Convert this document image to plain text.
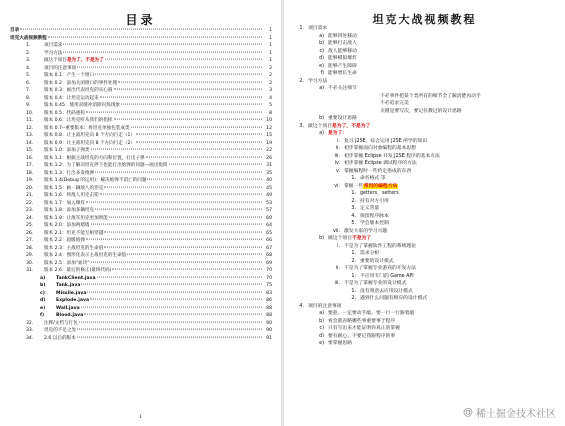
目录
目录	1
坦克大战视频教程	1
1.	项目需求	1
2.	学习方法	1
3.	做这个项目是为了，不是为了	1
4.	项目的注意事项	2
5.	版本 0.1：产生一个窗口	2
6.	版本 0.2：添加关闭窗口的事件处理	2
7.	版本 0.3：画出代表坦克的实心圆	3
8.	版本 0.4：让坦克运动起来	4
9.	版本 0.45：使用双缓冲消除闪烁现象	5
10.	版本 0.5：代码重构	8
11.	版本 0.6：让坦克听从我们的指挥	10
12.	版本 0.7--重要版本：将坦克单独包装成类	12
13.	版本 0.8：让主战坦克向 8 个方向行走（1）	15
14.	版本 0.9：让主战坦克向 8 个方向行走（2）	19
15.	版本 1.0：添加子弹类	22
16.	版本 1.1：根据主战坦克的方向和位置，打出子弹	26
17.	版本 1.2：为了解决坦克停下也能打出炮弹的问题—画出炮筒	31
18.	版本 1.3：打出多发炮弹	35
19.	版本 1.4(Debug 的运用)：解决炮弹不消亡的问题	40
20.	版本 1.5：画一辆敌人的坦克	45
21.	版本 1.6：将敌人坦克击毙	49
22.	版本 1.7：加入爆炸	53
23.	版本 1.8：添加多辆坦克	57
24.	版本 1.9：让敌军坦克更加智能	60
25.	版本 2.0：添加两堵墙	64
26.	版本 2.1：坦克不能互相穿越	65
27.	版本 2.2：超级炮弹	66
28.	版本 2.3：主战坦克的生命值	67
29.	版本 2.4：图形化表示主战坦克的生命值	68
30.	版本 2.5：添加“血块”	69
31.	版本 2.6：最后的修正(最终代码)	70
a)	TankClient.java	70
b)	Tank.java	75
c)	Missile.java	83
d)	Explode.java	86
e)	Wall.java	88
f)	Blood.java	88
32.	注释/文档与打包	90
33.	坦克的不足之处	90
34.	2.6 以后的版本	91
1
坦克大战视频教程
1. 项目需求
a) 能够四处移动
b) 能够打击敌人
c) 敌人能够移动
d) 能够模拟爆炸
e) 能够产生障碍
f) 能够增长生命
2. 学习方法
a) 不必关注细节
不必事件把某个类所有的细节全了解清楚再动手
不必追求完美
关键是要写次，要记住教过的设计思路
b) 重要设计思路
3. 做这个项目是为了，不是为了
a) 是为了：
i. 复习 J2SE，综合运用 J2SE 所学的知识
ii. 初步掌握面向对象编程的基本思想
iii. 初步掌握 Eclipse 开发 J2SE 程序的基本方法
iv. 初步掌握 Eclipse 调试程序的方法
v. 掌握编程时一些约定俗成的东西
1. 命名格式 等
vi. 掌握一些常用的编程方法
1. getters，setters
2. 持有对方引用
3. 定义常量
4. 保留程序脉本
5. 学会版本控制
vii. 激发大家的学习兴趣
b) 做这个项目不是为了
i. 不是为了掌握软件工程的系统理论
1. 需求分析
2. 重要的设计模式
ii. 不是为了掌握专业游戏的开发方法
1. 不应用专门的 Game API
iii. 不是为了掌握专业的设计模式
1. 没有刻意去应用设计模式
2. 遇到什么问题有相应的设计模式
4. 项目的注意事项
a) 要趁、一定要动手敲，要一行一行跟着敲
b) 看会就省略哪些事重要事于程序
c) 只有写出来才能证明你真正的掌握
d) 要有耐心，不要记我跟程序的事
e) 要掌握思路
@ 稀土掘金技术社区
